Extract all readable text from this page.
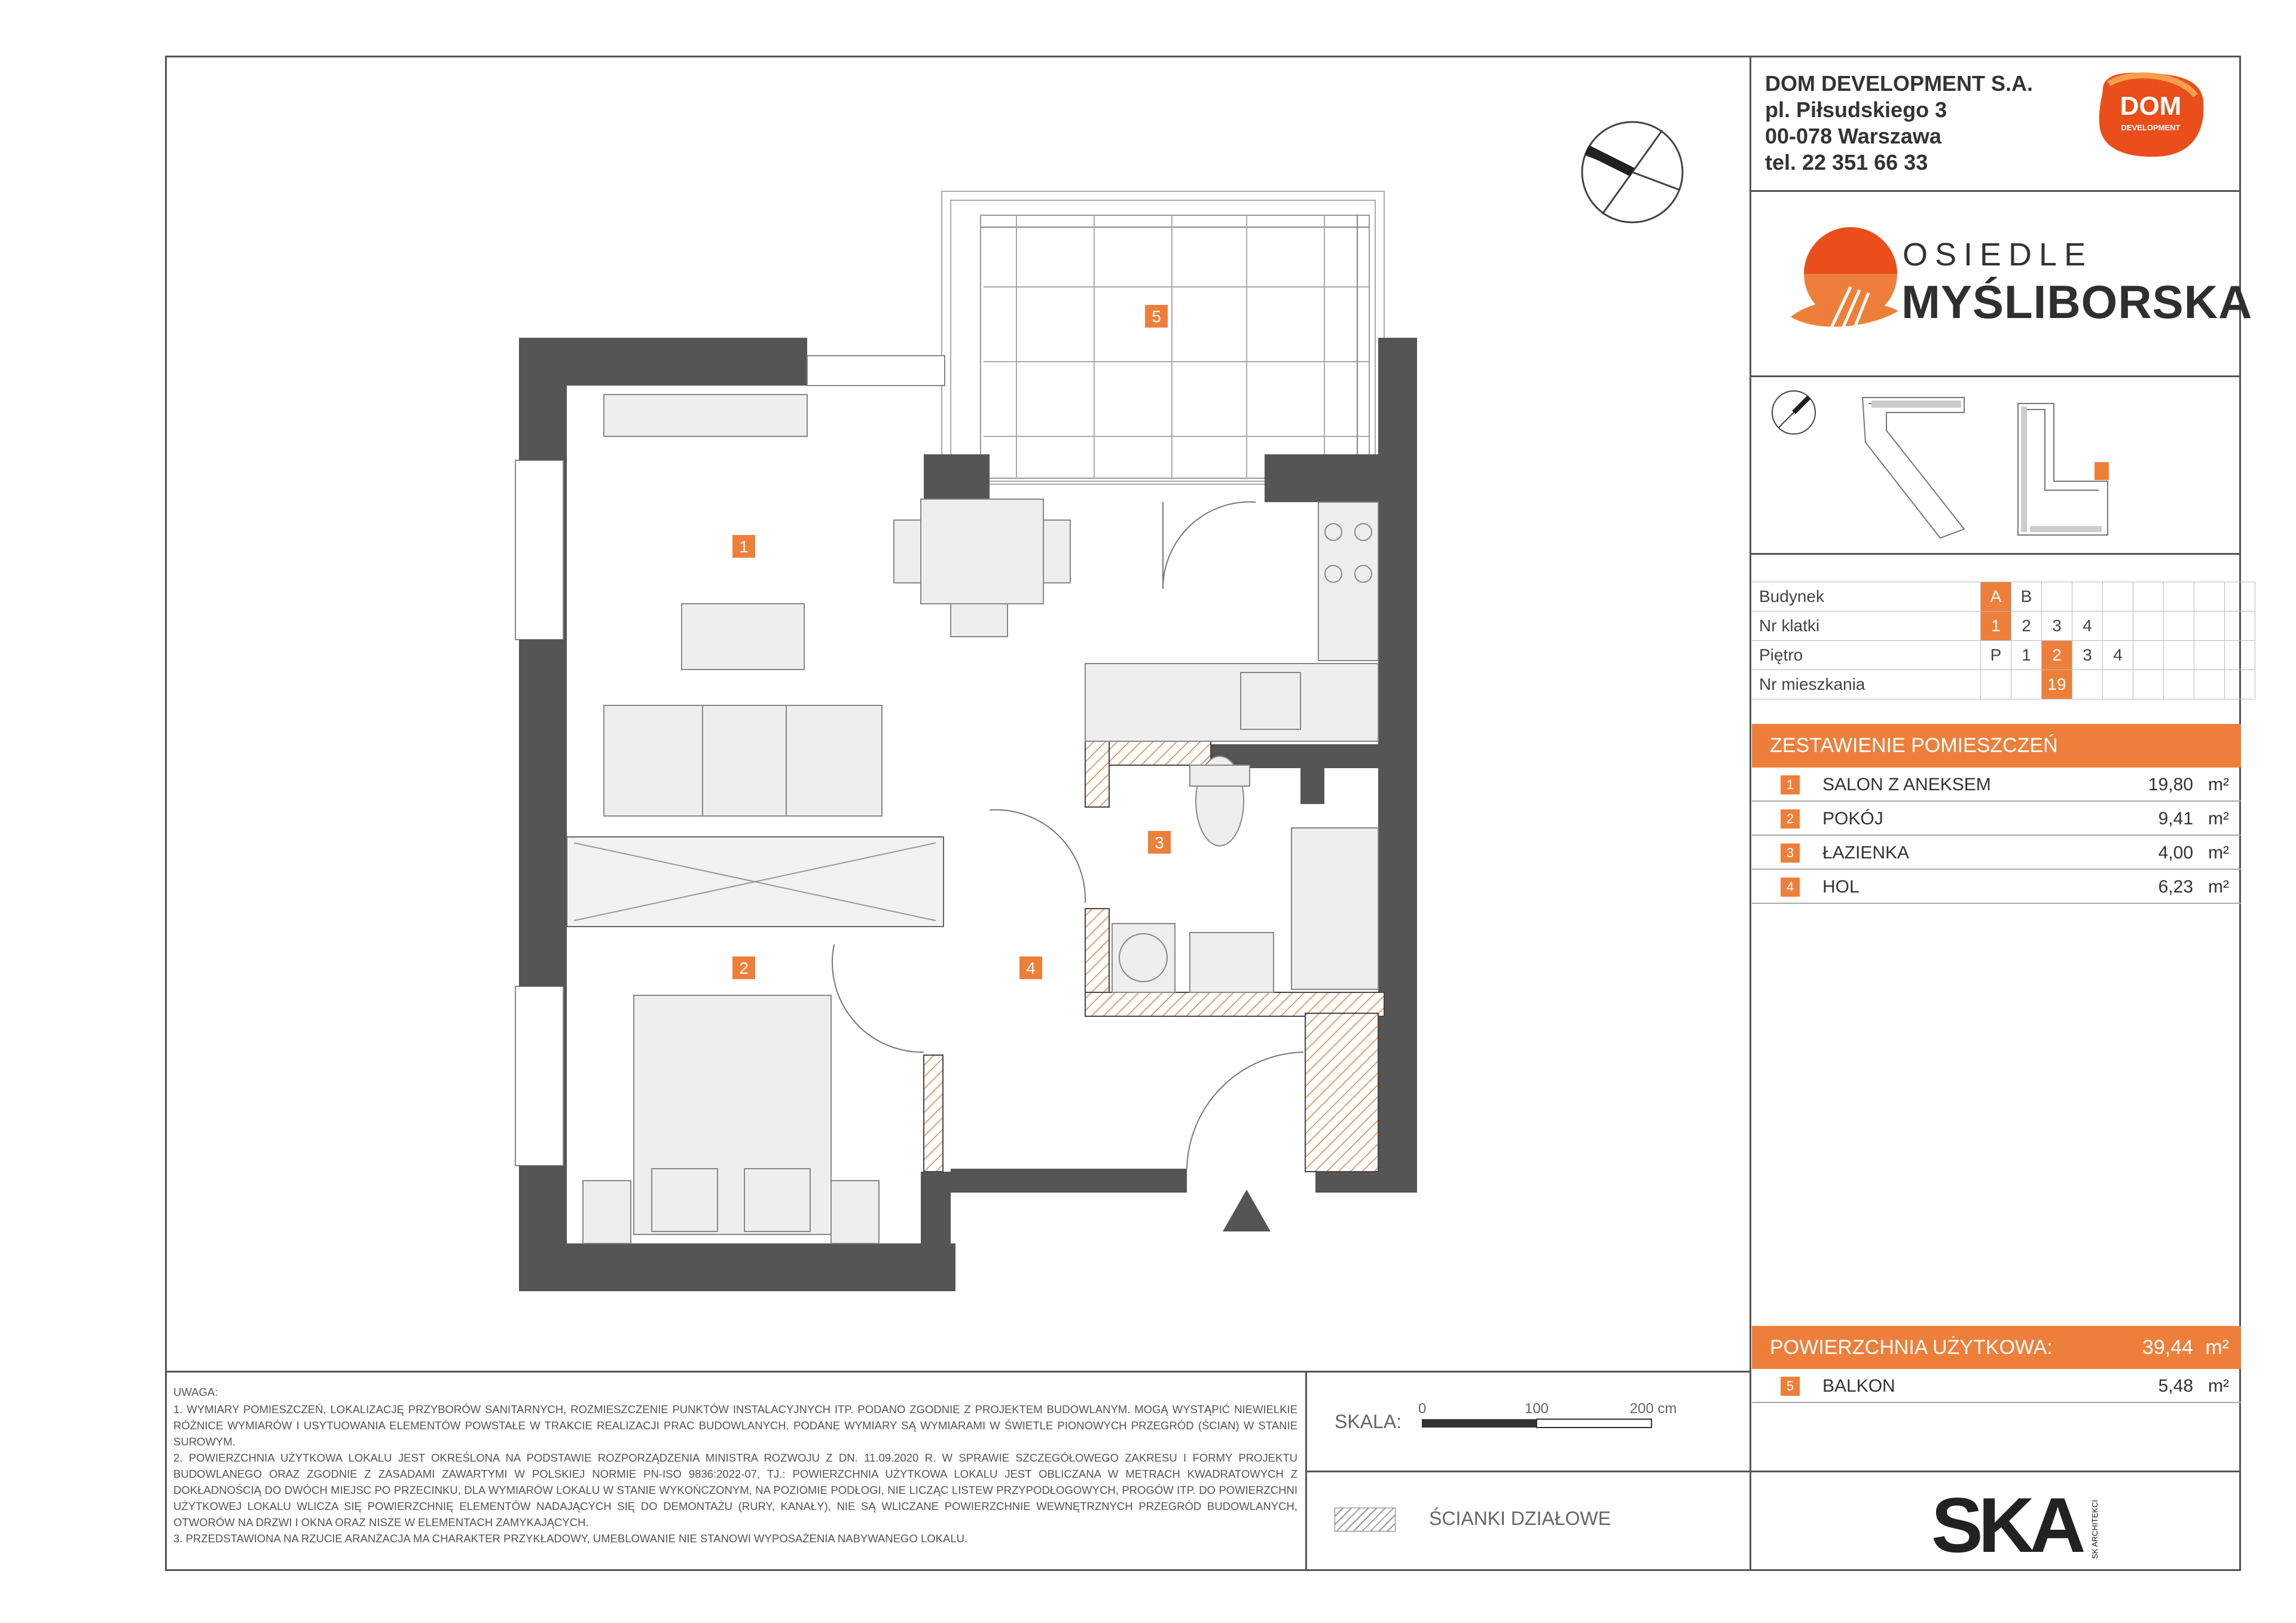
DOM DEVELOPMENT S.A.
pl. Piłsudskiego 3
00-078 Warszawa
tel. 22 351 66 33
DOM
DEVELOPMENT
OSIEDLE
MYŚLIBORSKA
Budynek	A	B							
Nr klatki	1	2	3	4					
Piętro	P	1	2	3	4				
Nr mieszkania			19						
ZESTAWIENIE POMIESZCZEŃ
1	SALON Z ANEKSEM	19,80 m²
2	POKÓJ	9,41 m²
3	ŁAZIENKA	4,00 m²
4	HOL	6,23 m²
POWIERZCHNIA UŻYTKOWA:	39,44 m²
5	BALKON	5,48 m²

UWAGA:

1. WYMIARY POMIESZCZEŃ, LOKALIZACJĘ PRZYBORÓW SANITARNYCH, ROZMIESZCZENIE PUNKTÓW INSTALACYJNYCH ITP. PODANO ZGODNIE Z PROJEKTEM BUDOWLANYM. MOGĄ WYSTĄPIĆ NIEWIELKIE RÓŻNICE WYMIARÓW I USYTUOWANIA ELEMENTÓW POWSTAŁE W TRAKCIE REALIZACJI PRAC BUDOWLANYCH. PODANE WYMIARY SĄ WYMIARAMI W ŚWIETLE PIONOWYCH PRZEGRÓD (ŚCIAN) W STANIE SUROWYM.

2. POWIERZCHNIA UŻYTKOWA LOKALU JEST OKREŚLONA NA PODSTAWIE ROZPORZĄDZENIA MINISTRA ROZWOJU Z DN. 11.09.2020 R. W SPRAWIE SZCZEGÓŁOWEGO ZAKRESU I FORMY PROJEKTU BUDOWLANEGO ORAZ ZGODNIE Z ZASADAMI ZAWARTYMI W POLSKIEJ NORMIE PN-ISO 9836:2022-07, TJ.: POWIERZCHNIA UŻYTKOWA LOKALU JEST OBLICZANA W METRACH KWADRATOWYCH Z DOKŁADNOŚCIĄ DO DWÓCH MIEJSC PO PRZECINKU, DLA WYMIARÓW LOKALU W STANIE WYKOŃCZONYM, NA POZIOMIE PODŁOGI, NIE LICZĄC LISTEW PRZYPODŁOGOWYCH, PROGÓW ITP. DO POWIERZCHNI UŻYTKOWEJ LOKALU WLICZA SIĘ POWIERZCHNIĘ ELEMENTÓW NADAJĄCYCH SIĘ DO DEMONTAŻU (RURY, KANAŁY), NIE SĄ WLICZANE POWIERZCHNIE WEWNĘTRZNYCH PRZEGRÓD BUDOWLANYCH, OTWORÓW NA DRZWI I OKNA ORAZ NISZE W ELEMENTACH ZAMYKAJĄCYCH.

3. PRZEDSTAWIONA NA RZUCIE ARANŻACJA MA CHARAKTER PRZYKŁADOWY, UMEBLOWANIE NIE STANOWI WYPOSAŻENIA NABYWANEGO LOKALU.

SKALA:
0	100	200 cm
ŚCIANKI DZIAŁOWE	SKA	SK ARCHITEKCI
1
2
3
4
5
